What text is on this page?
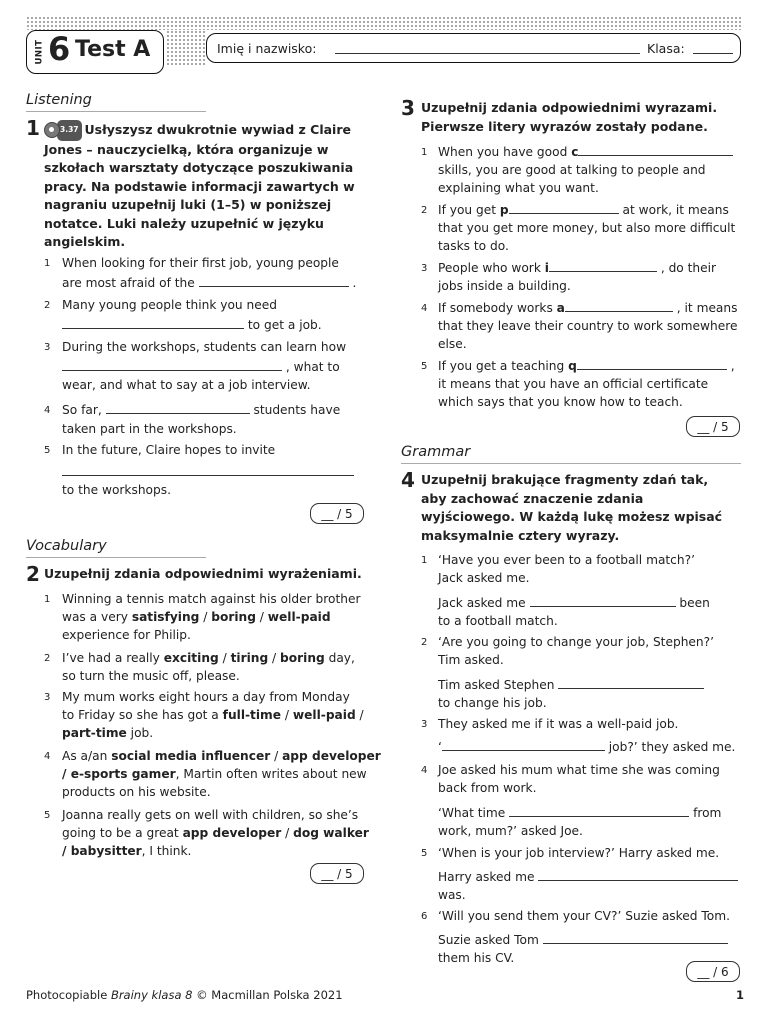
UNIT 6 Test A	Imię i nazwisko:	Klasa:
Listening
1	3.37 Usłyszysz dwukrotnie wywiad z Claire Jones – nauczycielką, która organizuje w szkołach warsztaty dotyczące poszukiwania pracy. Na podstawie informacji zawartych w nagraniu uzupełnij luki (1–5) w poniższej notatce. Luki należy uzupełnić w języku angielskim.
1 When looking for their first job, young people
are most afraid of the	.
2 Many young people think you need
to get a job.
3 During the workshops, students can learn how
, what to
wear, and what to say at a job interview.
4 So far,	students have
taken part in the workshops.
5 In the future, Claire hopes to invite
to the workshops.
__ / 5
Vocabulary
2 Uzupełnij zdania odpowiednimi wyrażeniami.
1 Winning a tennis match against his older brother
was a very satisfying / boring / well-paid
experience for Philip.
2 I’ve had a really exciting / tiring / boring day,
so turn the music off, please.
3 My mum works eight hours a day from Monday
to Friday so she has got a full-time / well-paid /
part-time job.
4 As a/an social media influencer / app developer
/ e-sports gamer, Martin often writes about new
products on his website.
5 Joanna really gets on well with children, so she’s
going to be a great app developer / dog walker
/ babysitter, I think.
__ / 5
3 Uzupełnij zdania odpowiednimi wyrazami. Pierwsze litery wyrazów zostały podane.
1 When you have good c
skills, you are good at talking to people and
explaining what you want.
2 If you get p	at work, it means
that you get more money, but also more difficult
tasks to do.
3 People who work i	, do their
jobs inside a building.
4 If somebody works a	, it means
that they leave their country to work somewhere
else.
5 If you get a teaching q	,
it means that you have an official certificate
which says that you know how to teach.
__ / 5
Grammar
4 Uzupełnij brakujące fragmenty zdań tak, aby zachować znaczenie zdania wyjściowego. W każdą lukę możesz wpisać maksymalnie cztery wyrazy.
1 ‘Have you ever been to a football match?’
Jack asked me.
Jack asked me	been
to a football match.
2 ‘Are you going to change your job, Stephen?’
Tim asked.
Tim asked Stephen
to change his job.
3 They asked me if it was a well-paid job.
‘	job?’ they asked me.
4 Joe asked his mum what time she was coming
back from work.
‘What time	from
work, mum?’ asked Joe.
5 ‘When is your job interview?’ Harry asked me.
Harry asked me
was.
6 ‘Will you send them your CV?’ Suzie asked Tom.
Suzie asked Tom
them his CV.
__ / 6
Photocopiable Brainy klasa 8 © Macmillan Polska 2021	1
